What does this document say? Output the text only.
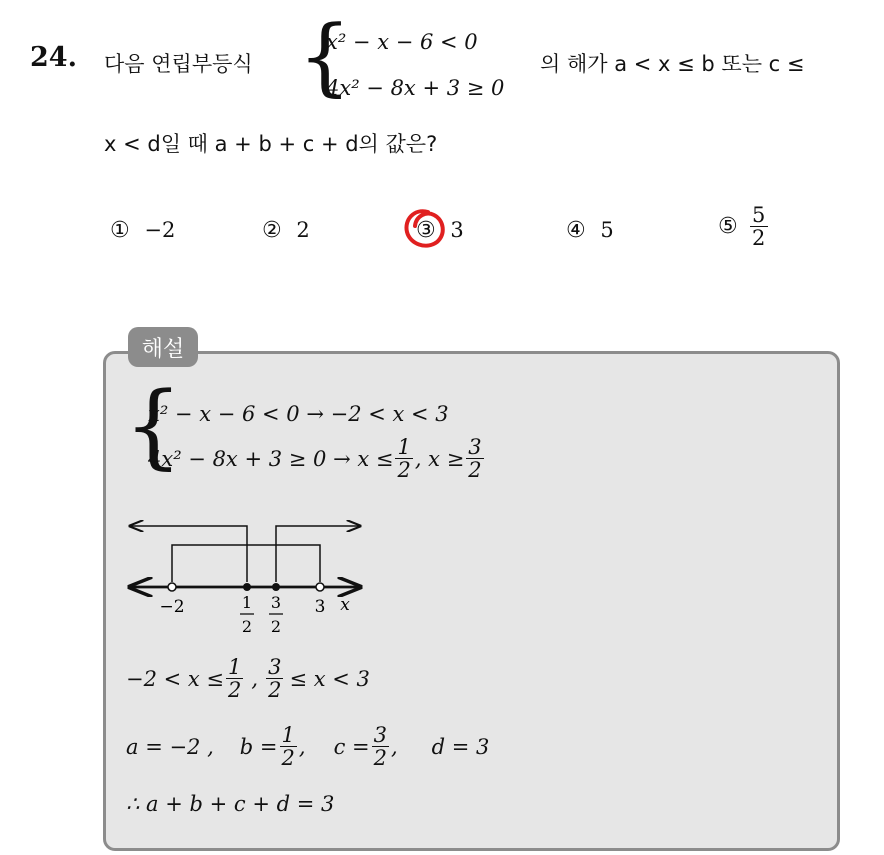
24. 다음 연립부등식 {
x² − x − 6 < 0
4x² − 8x + 3 ≥ 0
의 해가 a < x ≤ b 또는 c ≤
x < d일 때 a + b + c + d의 값은?
① −2	② 2	③ 3	④ 5	⑤ $\frac{5}{2}$
해설
{
x² − x − 6 < 0 → −2 < x < 3
$4x^2 - 8x + 3 \ge 0 \to x \le \frac{1}{2}$ , $x \ge \frac{3}{2}$
−2	3
1
2
3
2
x
$-2 < x \le \frac{1}{2}$ , $\frac{3}{2} \le x < 3$
a = −2 , $b = \frac{1}{2}$ , $c = \frac{3}{2}$ , d = 3
∴ a + b + c + d = 3
